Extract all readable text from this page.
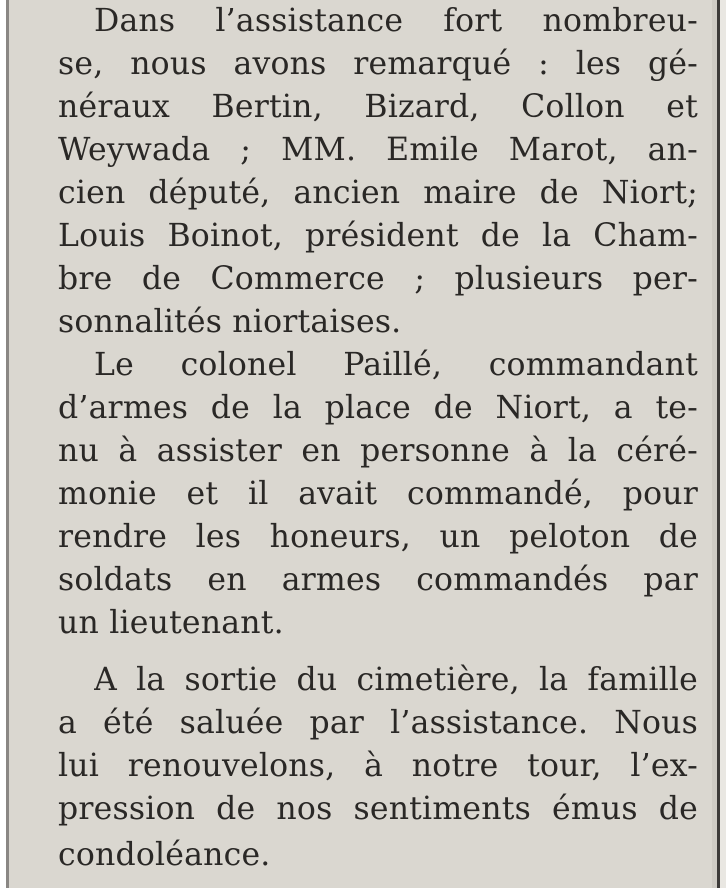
Dans l’assistance fort nombreu-
se, nous avons remarqué : les gé-
néraux Bertin, Bizard, Collon et
Weywada ; MM. Emile Marot, an-
cien député, ancien maire de Niort;
Louis Boinot, président de la Cham-
bre de Commerce ; plusieurs per-
sonnalités niortaises.
Le colonel Paillé, commandant
d’armes de la place de Niort, a te-
nu à assister en personne à la céré-
monie et il avait commandé, pour
rendre les honeurs, un peloton de
soldats en armes commandés par
un lieutenant.
A la sortie du cimetière, la famille
a été saluée par l’assistance. Nous
lui renouvelons, à notre tour, l’ex-
pression de nos sentiments émus de
condoléance.
